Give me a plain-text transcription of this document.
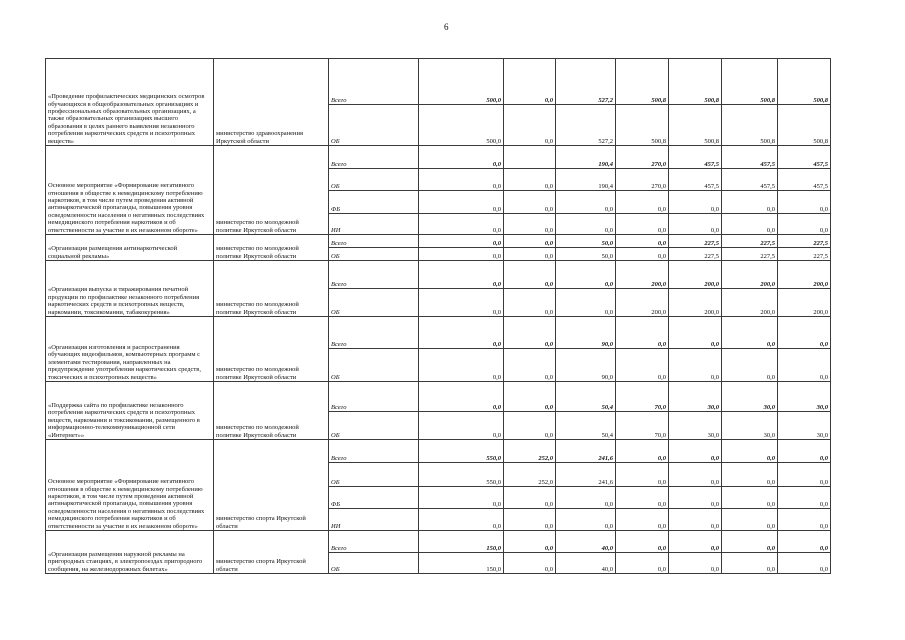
6
«Проведение профилактических медицинских осмотров обучающихся в общеобразовательных организациях и профессиональных образовательных организациях, а также образовательных организациях высшего образования в целях раннего выявления незаконного потребления наркотических средств и психотропных веществ»	министерство здравоохранения Иркутской области	Всего	500,0	0,0	527,2	500,8	500,8	500,8	500,8
		ОБ	500,0	0,0	527,2	500,8	500,8	500,8	500,8
Основное мероприятие «Формирование негативного отношения в обществе к немедицинскому потреблению наркотиков, в том числе путем проведения активной антинаркотической пропаганды, повышения уровня осведомленности населения о негативных последствиях немедицинского потребления наркотиков и об ответственности за участие в их незаконном обороте»	министерство по молодежной политике Иркутской области	Всего	0,0		190,4	270,0	457,5	457,5	457,5
		ОБ	0,0	0,0	190,4	270,0	457,5	457,5	457,5
		ФБ	0,0	0,0	0,0	0,0	0,0	0,0	0,0
		ИИ	0,0	0,0	0,0	0,0	0,0	0,0	0,0
«Организация размещения антинаркотической социальной рекламы»	министерство по молодежной политике Иркутской области	Всего	0,0	0,0	50,0	0,0	227,5	227,5	227,5
		ОБ	0,0	0,0	50,0	0,0	227,5	227,5	227,5
«Организация выпуска и тиражирования печатной продукции по профилактике незаконного потребления наркотических средств и психотропных веществ, наркомании, токсикомании, табакокурения»	министерство по молодежной политике Иркутской области	Всего	0,0	0,0	0,0	200,0	200,0	200,0	200,0
		ОБ	0,0	0,0	0,0	200,0	200,0	200,0	200,0
«Организация изготовления и распространения обучающих видеофильмов, компьютерных программ с элементами тестирования, направленных на предупреждение употребления наркотических средств, токсических и психотропных веществ»	министерство по молодежной политике Иркутской области	Всего	0,0	0,0	90,0	0,0	0,0	0,0	0,0
		ОБ	0,0	0,0	90,0	0,0	0,0	0,0	0,0
«Поддержка сайта по профилактике незаконного потребления наркотических средств и психотропных веществ, наркомании и токсикомании, размещенного в информационно-телекоммуникационной сети «Интернет»»	министерство по молодежной политике Иркутской области	Всего	0,0	0,0	50,4	70,0	30,0	30,0	30,0
		ОБ	0,0	0,0	50,4	70,0	30,0	30,0	30,0
Основное мероприятие «Формирование негативного отношения в обществе к немедицинскому потреблению наркотиков, в том числе путем проведения активной антинаркотической пропаганды, повышения уровня осведомленности населения о негативных последствиях немедицинского потребления наркотиков и об ответственности за участие в их незаконном обороте»	министерство спорта Иркутской области	Всего	550,0	252,0	241,6	0,0	0,0	0,0	0,0
		ОБ	550,0	252,0	241,6	0,0	0,0	0,0	0,0
		ФБ	0,0	0,0	0,0	0,0	0,0	0,0	0,0
		ИИ	0,0	0,0	0,0	0,0	0,0	0,0	0,0
«Организация размещения наружной рекламы на пригородных станциях, в электропоездах пригородного сообщения, на железнодорожных билетах»	министерство спорта Иркутской области	Всего	150,0	0,0	40,0	0,0	0,0	0,0	0,0
		ОБ	150,0	0,0	40,0	0,0	0,0	0,0	0,0
